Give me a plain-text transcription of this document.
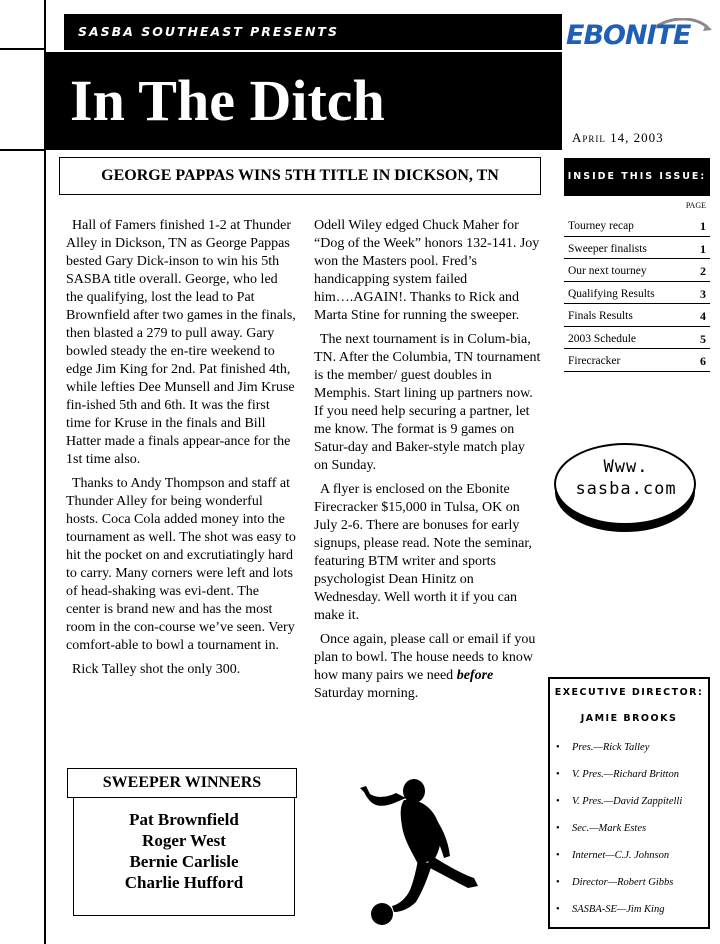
SASBA SOUTHEAST PRESENTS
In The Ditch
EBONITE
April 14, 2003
GEORGE PAPPAS WINS 5TH TITLE IN DICKSON, TN

Hall of Famers finished 1-2 at Thunder Alley in Dickson, TN as George Pappas bested Gary Dick-inson to win his 5th SASBA title overall. George, who led the qualifying, lost the lead to Pat Brownfield after two games in the finals, then blasted a 279 to pull away. Gary bowled steady the en-tire weekend to edge Jim King for 2nd. Pat finished 4th, while lefties Dee Munsell and Jim Kruse fin-ished 5th and 6th. It was the first time for Kruse in the finals and Bill Hatter made a finals appear-ance for the 1st time also.

Thanks to Andy Thompson and staff at Thunder Alley for being wonderful hosts. Coca Cola added money into the tournament as well. The shot was easy to hit the pocket on and excrutiatingly hard to carry. Many corners were left and lots of head-shaking was evi-dent. The center is brand new and has the most room in the con-course we’ve seen. Very comfort-able to bowl a tournament in.

Rick Talley shot the only 300.

Odell Wiley edged Chuck Maher for “Dog of the Week” honors 132-141. Joy won the Masters pool. Fred’s handicapping system failed him….AGAIN!. Thanks to Rick and Marta Stine for running the sweeper.

The next tournament is in Colum-bia, TN. After the Columbia, TN tournament is the member/ guest doubles in Memphis. Start lining up partners now. If you need help securing a partner, let me know. The format is 9 games on Satur-day and Baker-style match play on Sunday.

A flyer is enclosed on the Ebonite Firecracker $15,000 in Tulsa, OK on July 2-6. There are bonuses for early signups, please read. Note the seminar, featuring BTM writer and sports psychologist Dean Hinitz on Wednesday. Well worth it if you can make it.

Once again, please call or email if you plan to bowl. The house needs to know how many pairs we need before Saturday morning.

INSIDE THIS ISSUE:
PAGE
Tourney recap	1
Sweeper finalists	1
Our next tourney	2
Qualifying Results	3
Finals Results	4
2003 Schedule	5
Firecracker	6
Www.
sasba.com
EXECUTIVE DIRECTOR:
JAMIE BROOKS
• Pres.—Rick Talley
• V. Pres.—Richard Britton
• V. Pres.—David Zappitelli
• Sec.—Mark Estes
• Internet—C.J. Johnson
• Director—Robert Gibbs
• SASBA-SE—Jim King
SWEEPER WINNERS
Pat Brownfield
Roger West
Bernie Carlisle
Charlie Hufford
